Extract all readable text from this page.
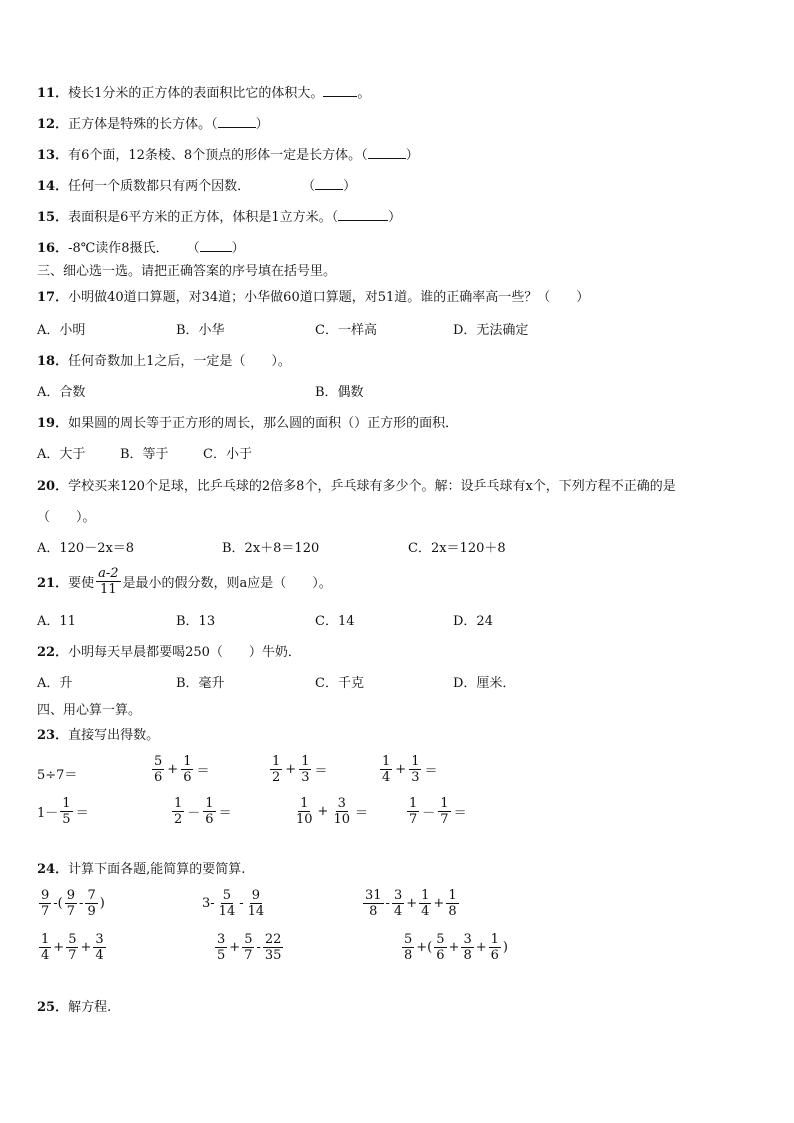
11．棱长1分米的正方体的表面积比它的体积大。	。
12．正方体是特殊的长方体。（	）
13．有6个面，12条棱、8个顶点的形体一定是长方体。（	）
14．任何一个质数都只有两个因数．	（ ）
15．表面积是6平方米的正方体，体积是1立方米。（	）
16．-8℃读作8摄氏． （ ）
三、细心选一选。请把正确答案的序号填在括号里。
17．小明做40道口算题，对34道；小华做60道口算题，对51道。谁的正确率高一些？（　　）
A．小明	B．小华	C．一样高	D．无法确定
18．任何奇数加上1之后，一定是（　　）。
A．合数	B．偶数
19．如果圆的周长等于正方形的周长，那么圆的面积（）正方形的面积．
A．大于	B．等于	C．小于
20．学校买来120个足球，比乒乓球的2倍多8个，乒乓球有多少个。解：设乒乓球有x个，下列方程不正确的是
（　　）。
A．120－2x＝8	B．2x＋8＝120	C．2x＝120＋8
21． 要使 $\frac{a-2}{11}$ 是最小的假分数，则a应是（　　）。
A．11	B．13	C．14	D．24
22．小明每天早晨都要喝250（　　）牛奶．
A．升	B．毫升	C．千克	D．厘米．
四、用心算一算。
23．直接写出得数。
5÷7＝	$\frac{5}{6} + \frac{1}{6}$ ＝	$\frac{1}{2} + \frac{1}{3}$ ＝	$\frac{1}{4} + \frac{1}{3}$ ＝
$1- \frac{1}{5}$ ＝	$\frac{1}{2} - \frac{1}{6}$ ＝	$\frac{1}{10} + \frac{3}{10}$ ＝	$\frac{1}{7} - \frac{1}{7}$ ＝
24．计算下面各题,能简算的要简算.
$\frac{9}{7}$ -( $\frac{9}{7} - \frac{7}{9}$ )	$3- \frac{5}{14} - \frac{9}{14}$	$\frac{31}{8} - \frac{3}{4} + \frac{1}{4} + \frac{1}{8}$
$\frac{1}{4} + \frac{5}{7} + \frac{3}{4}$	$\frac{3}{5} + \frac{5}{7} - \frac{22}{35}$	$\frac{5}{8}$ +( $\frac{5}{6} + \frac{3}{8} + \frac{1}{6}$ )
25．解方程.
